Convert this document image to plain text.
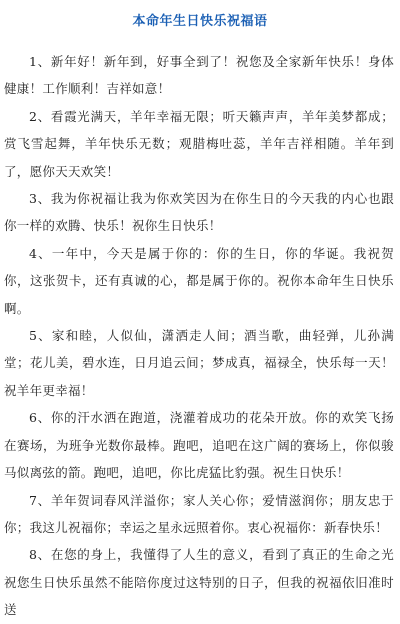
本命年生日快乐祝福语

1、新年好！新年到，好事全到了！祝您及全家新年快乐！身体健康！工作顺利！吉祥如意！

2、看霞光满天，羊年幸福无限；听天籁声声，羊年美梦都成；赏飞雪起舞，羊年快乐无数；观腊梅吐蕊，羊年吉祥相随。羊年到了，愿你天天欢笑！

3、我为你祝福让我为你欢笑因为在你生日的今天我的内心也跟你一样的欢腾、快乐！祝你生日快乐！

4、一年中，今天是属于你的：你的生日，你的华诞。我祝贺你，这张贺卡，还有真诚的心，都是属于你的。祝你本命年生日快乐啊。

5、家和睦，人似仙，潇洒走人间；酒当歌，曲轻弹，儿孙满堂；花儿美，碧水连，日月追云间；梦成真，福禄全，快乐每一天！祝羊年更幸福！

6、你的汗水洒在跑道，浇灌着成功的花朵开放。你的欢笑飞扬在赛场，为班争光数你最棒。跑吧，追吧在这广阔的赛场上，你似骏马似离弦的箭。跑吧，追吧，你比虎猛比豹强。祝生日快乐！

7、羊年贺词春风洋溢你；家人关心你；爱情滋润你；朋友忠于你；我这儿祝福你；幸运之星永远照着你。衷心祝福你：新春快乐！

8、在您的身上，我懂得了人生的意义，看到了真正的生命之光祝您生日快乐虽然不能陪你度过这特别的日子，但我的祝福依旧准时送
